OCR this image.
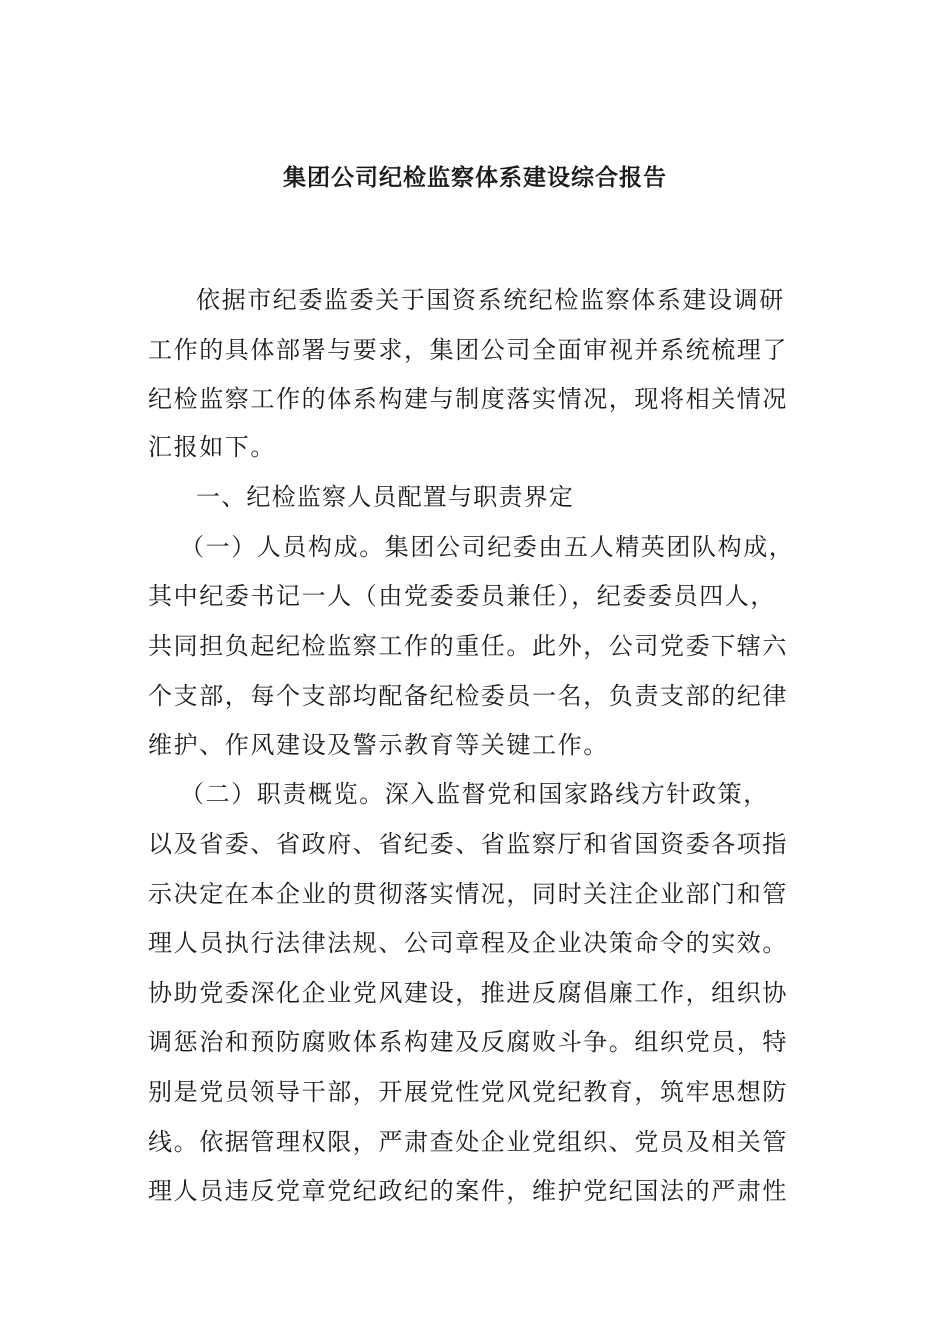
集团公司纪检监察体系建设综合报告
依据市纪委监委关于国资系统纪检监察体系建设调研
工作的具体部署与要求，集团公司全面审视并系统梳理了
纪检监察工作的体系构建与制度落实情况，现将相关情况
汇报如下。
一、纪检监察人员配置与职责界定
（一）人员构成。集团公司纪委由五人精英团队构成，
其中纪委书记一人（由党委委员兼任），纪委委员四人，
共同担负起纪检监察工作的重任。此外，公司党委下辖六
个支部，每个支部均配备纪检委员一名，负责支部的纪律
维护、作风建设及警示教育等关键工作。
（二）职责概览。深入监督党和国家路线方针政策，
以及省委、省政府、省纪委、省监察厅和省国资委各项指
示决定在本企业的贯彻落实情况，同时关注企业部门和管
理人员执行法律法规、公司章程及企业决策命令的实效。
协助党委深化企业党风建设，推进反腐倡廉工作，组织协
调惩治和预防腐败体系构建及反腐败斗争。组织党员，特
别是党员领导干部，开展党性党风党纪教育，筑牢思想防
线。依据管理权限，严肃查处企业党组织、党员及相关管
理人员违反党章党纪政纪的案件，维护党纪国法的严肃性
